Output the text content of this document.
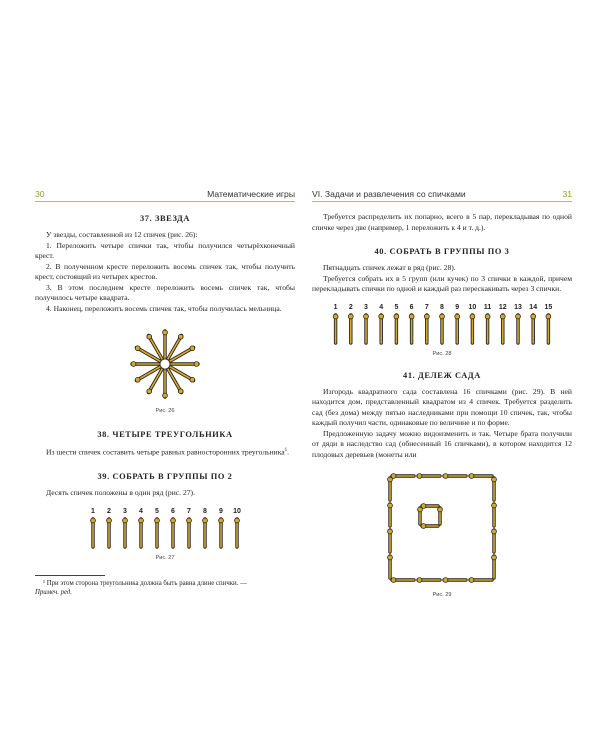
30	Математические игры
37. ЗВЕЗДА

У звезды, составленной из 12 спичек (рис. 26):

1. Переложить четыре спички так, чтобы получился четырёхконечный крест.

2. В полученном кресте переложить восемь спичек так, чтобы получить крест, состоящий из четырех крестов.

3. В этом последнем кресте переложить восемь спичек так, чтобы получилось четыре квадрата.

4. Наконец, переложить восемь спичек так, чтобы получилась мельница.

Рис. 26
38. ЧЕТЫРЕ ТРЕУГОЛЬНИКА

Из шести спичек составить четыре равных равносторонних треугольника$^1$.

39. СОБРАТЬ В ГРУППЫ ПО 2

Десять спичек положены в один ряд (рис. 27).

1 2 3 4 5 6 7 8 9 10
Рис. 27

¹ При этом сторона треугольника должна быть равна длине спички. —
Примеч. ред.

VI. Задачи и развлечения со спичками	31

Требуется распределить их попарно, всего в 5 пар, перекладывая по одной спичке через две (например, 1 переложить к 4 и т. д.).

40. СОБРАТЬ В ГРУППЫ ПО 3

Пятнадцать спичек лежат в ряд (рис. 28).

Требуется собрать их в 5 групп (или кучек) по 3 спички в каждой, причем перекладывать спички по одной и каждый раз перескакивать через 3 спички.

1 2 3 4 5 6 7 8 9 10 11 12 13 14 15
Рис. 28
41. ДЕЛЕЖ САДА

Изгородь квадратного сада составлена 16 спичками (рис. 29). В ней находится дом, представленный квадратом из 4 спичек. Требуется разделить сад (без дома) между пятью наследниками при помощи 10 спичек, так, чтобы каждый получил части, одинаковые по величине и по форме.

Предложенную задачу можно видоизменить и так. Четыре брата получили от дяди в наследство сад (обнесенный 16 спичками), в котором находится 12 плодовых деревьев (монеты или

Рис. 29
